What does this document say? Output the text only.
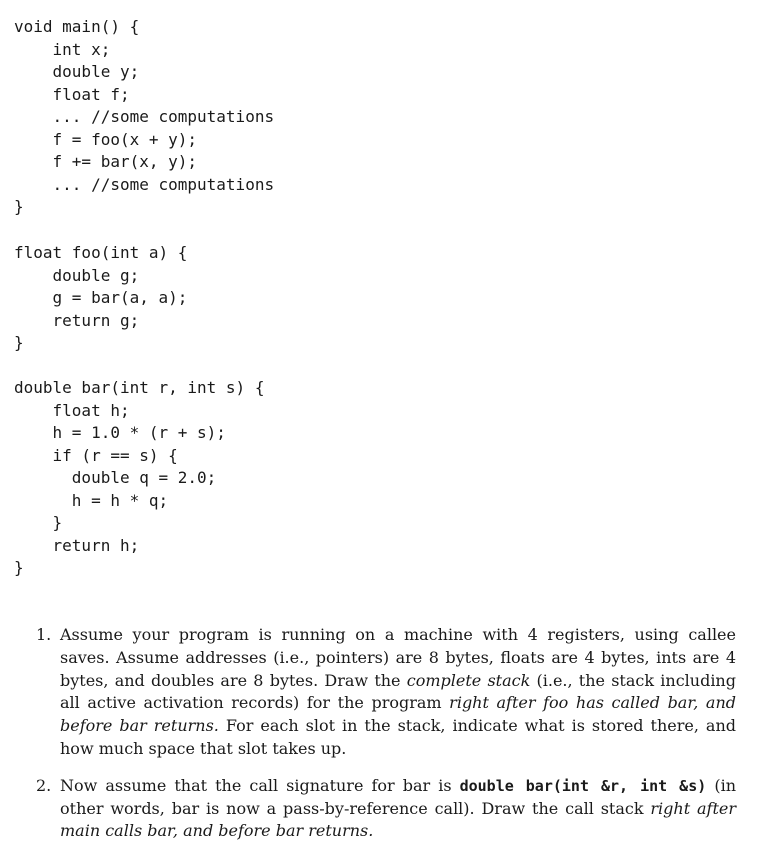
void main() {
int x;
double y;
float f;
... //some computations
f = foo(x + y);
f += bar(x, y);
... //some computations
}
float foo(int a) {
double g;
g = bar(a, a);
return g;
}
double bar(int r, int s) {
float h;
h = 1.0 * (r + s);
if (r == s) {
double q = 2.0;
h = h * q;
}
return h;
}
1. Assume your program is running on a machine with 4 registers, using callee saves. Assume addresses (i.e., pointers) are 8 bytes, floats are 4 bytes, ints are 4 bytes, and doubles are 8 bytes. Draw the complete stack (i.e., the stack including all active activation records) for the program right after foo has called bar, and before bar returns. For each slot in the stack, indicate what is stored there, and how much space that slot takes up.
2. Now assume that the call signature for bar is double bar(int &r, int &s) (in other words, bar is now a pass-by-reference call). Draw the call stack right after main calls bar, and before bar returns.
